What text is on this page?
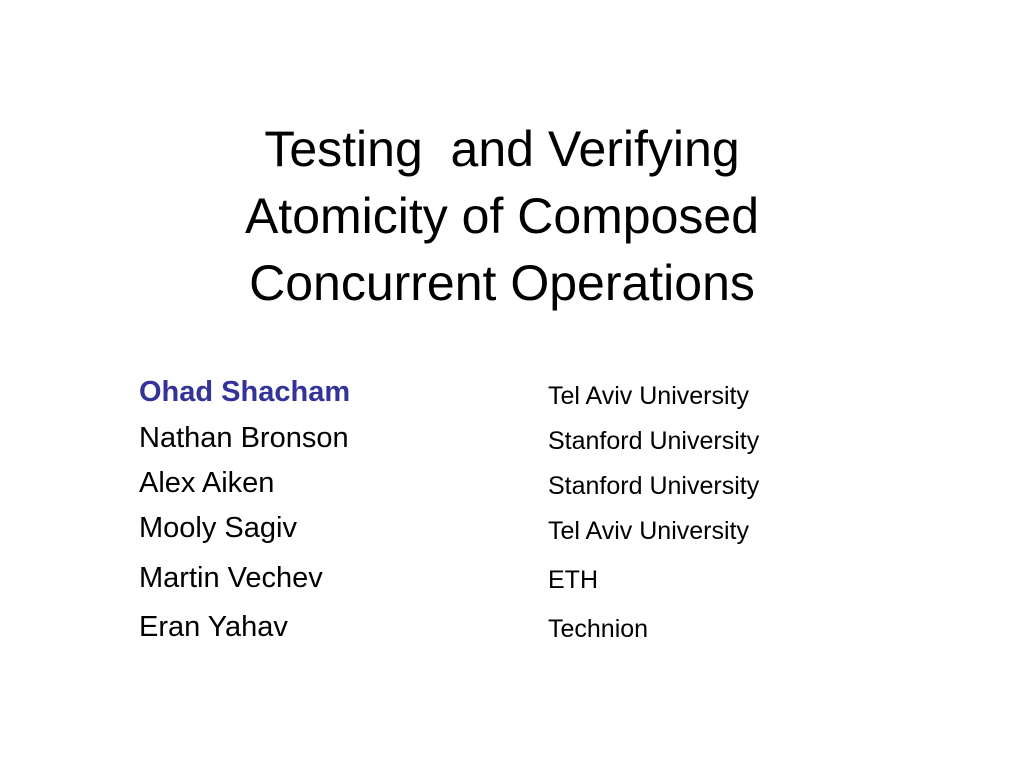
Testing  and Verifying
Atomicity of Composed
Concurrent Operations
Ohad Shacham	Tel Aviv University
Nathan Bronson	Stanford University
Alex Aiken	Stanford University
Mooly Sagiv	Tel Aviv University
Martin Vechev	ETH
Eran Yahav	Technion
